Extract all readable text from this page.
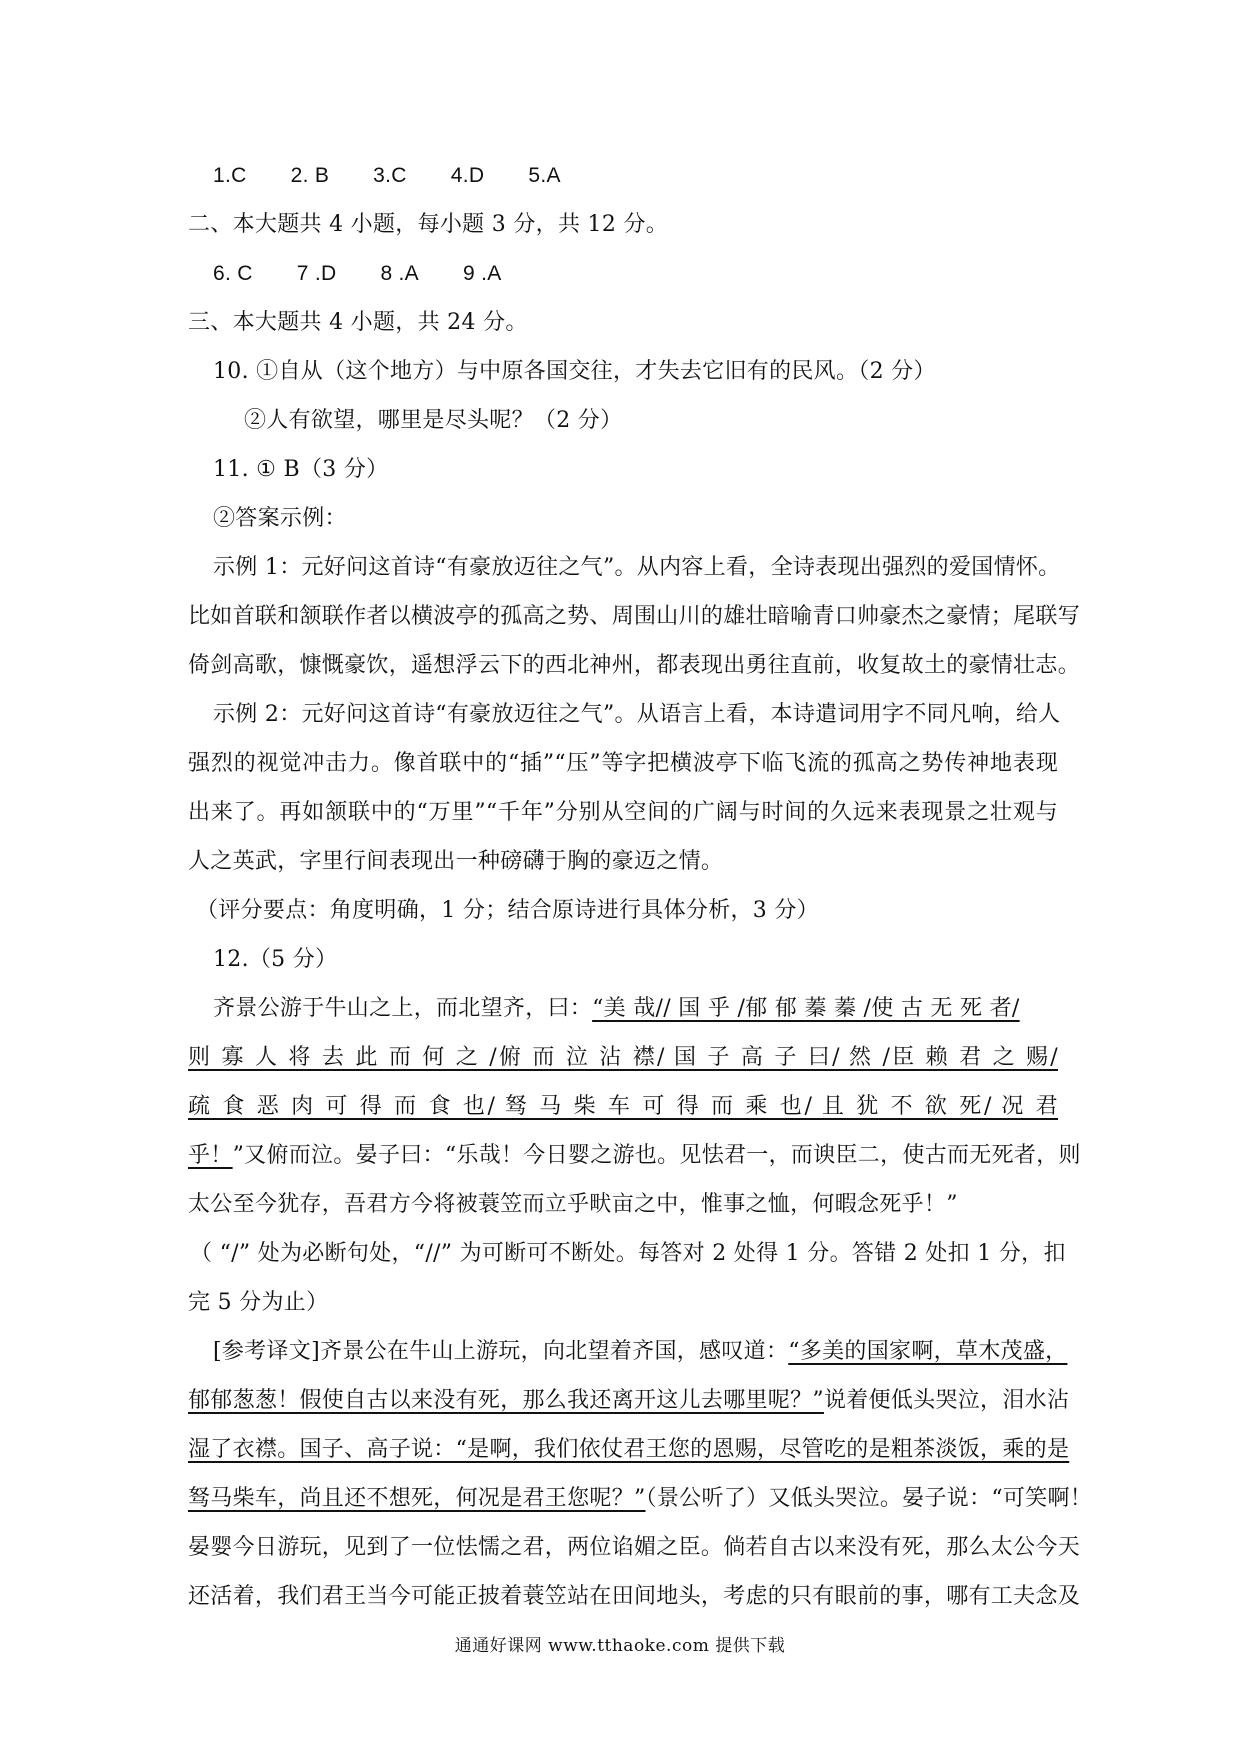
1.C 2. B 3.C 4.D 5.A
二、本大题共 4 小题，每小题 3 分，共 12 分。
6. C 7 .D 8 .A 9 .A
三、本大题共 4 小题，共 24 分。
10. ①自从（这个地方）与中原各国交往，才失去它旧有的民风。（2 分）
②人有欲望，哪里是尽头呢？（2 分）
11. ① B（3 分）
②答案示例：
示例 1：元好问这首诗“有豪放迈往之气”。从内容上看，全诗表现出强烈的爱国情怀。
比如首联和颔联作者以横波亭的孤高之势、周围山川的雄壮暗喻青口帅豪杰之豪情；尾联写
倚剑高歌，慷慨豪饮，遥想浮云下的西北神州，都表现出勇往直前，收复故土的豪情壮志。
示例 2：元好问这首诗“有豪放迈往之气”。从语言上看，本诗遣词用字不同凡响，给人
强烈的视觉冲击力。像首联中的“插”“压”等字把横波亭下临飞流的孤高之势传神地表现
出来了。再如颔联中的“万里”“千年”分别从空间的广阔与时间的久远来表现景之壮观与
人之英武，字里行间表现出一种磅礴于胸的豪迈之情。
（评分要点：角度明确，1 分；结合原诗进行具体分析，3 分）
12.（5 分）
齐景公游于牛山之上，而北望齐，曰：“美 哉// 国 乎 /郁 郁 蓁 蓁 /使 古 无 死 者/
则 寡 人 将 去 此 而 何 之 /俯 而 泣 沾 襟/ 国 子 高 子 曰/ 然 /臣 赖 君 之 赐/
疏 食 恶 肉 可 得 而 食 也/ 驽 马 柴 车 可 得 而 乘 也/ 且 犹 不 欲 死/ 况 君
乎！”又俯而泣。晏子曰：“乐哉！今日婴之游也。见怯君一，而谀臣二，使古而无死者，则
太公至今犹存，吾君方今将被蓑笠而立乎畎亩之中，惟事之恤，何暇念死乎！”
（ “/” 处为必断句处，“//” 为可断可不断处。每答对 2 处得 1 分。答错 2 处扣 1 分，扣
完 5 分为止）
[参考译文]齐景公在牛山上游玩，向北望着齐国，感叹道：“多美的国家啊，草木茂盛，
郁郁葱葱！假使自古以来没有死，那么我还离开这儿去哪里呢？”说着便低头哭泣，泪水沾
湿了衣襟。国子、高子说：“是啊，我们依仗君王您的恩赐，尽管吃的是粗茶淡饭，乘的是
驽马柴车，尚且还不想死，何况是君王您呢？”（景公听了）又低头哭泣。晏子说：“可笑啊！
晏婴今日游玩，见到了一位怯懦之君，两位谄媚之臣。倘若自古以来没有死，那么太公今天
还活着，我们君王当今可能正披着蓑笠站在田间地头，考虑的只有眼前的事，哪有工夫念及
通通好课网 www.tthaoke.com 提供下载
